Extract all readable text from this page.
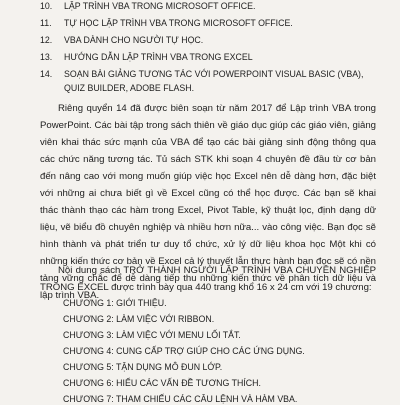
10.	LẬP TRÌNH VBA TRONG MICROSOFT OFFICE.
11.	TỰ HỌC LẬP TRÌNH VBA TRONG MICROSOFT OFFICE.
12.	VBA DÀNH CHO NGƯỜI TỰ HỌC.
13.	HƯỚNG DẪN LẬP TRÌNH VBA TRONG EXCEL
14.	SOẠN BÀI GIẢNG TƯƠNG TÁC VỚI POWERPOINT VISUAL BASIC (VBA),
QUIZ BUILDER, ADOBE FLASH.

Riêng quyển 14 đã được biên soạn từ năm 2017 để Lập trình VBA trong PowerPoint. Các bài tập trong sách thiên về giáo dục giúp các giáo viên, giảng viên khai thác sức mạnh của VBA để tạo các bài giảng sinh động thông qua các chức năng tương tác. Tủ sách STK khi soạn 4 chuyên đề đầu từ cơ bản đến nâng cao với mong muốn giúp việc học Excel nên dễ dàng hơn, đặc biệt với những ai chưa biết gì về Excel cũng có thể học được. Các bạn sẽ khai thác thành thạo các hàm trong Excel, Pivot Table, kỹ thuật lọc, định dạng dữ liệu, vẽ biểu đồ chuyên nghiệp và nhiều hơn nữa... vào công việc. Bạn đọc sẽ hình thành và phát triển tư duy tổ chức, xử lý dữ liệu khoa học Một khi có những kiến thức cơ bản về Excel cả lý thuyết lẫn thực hành bạn đọc sẽ có nền tảng vững chắc để dễ dàng tiếp thu những kiến thức về phân tích dữ liệu và lập trình VBA.

Nội dung sách TRỞ THÀNH NGƯỜI LẬP TRÌNH VBA CHUYÊN NGHIỆP TRONG EXCEL được trình bày qua 440 trang khổ 16 x 24 cm với 19 chương:

CHƯƠNG 1: GIỚI THIỆU.
CHƯƠNG 2: LÀM VIỆC VỚI RIBBON.
CHƯƠNG 3: LÀM VIỆC VỚI MENU LỐI TẮT.
CHƯƠNG 4: CUNG CẤP TRỢ GIÚP CHO CÁC ỨNG DỤNG.
CHƯƠNG 5: TẬN DỤNG MÔ ĐUN LỚP.
CHƯƠNG 6: HIỂU CÁC VẤN ĐỀ TƯƠNG THÍCH.
CHƯƠNG 7: THAM CHIẾU CÁC CÂU LỆNH VÀ HÀM VBA.
